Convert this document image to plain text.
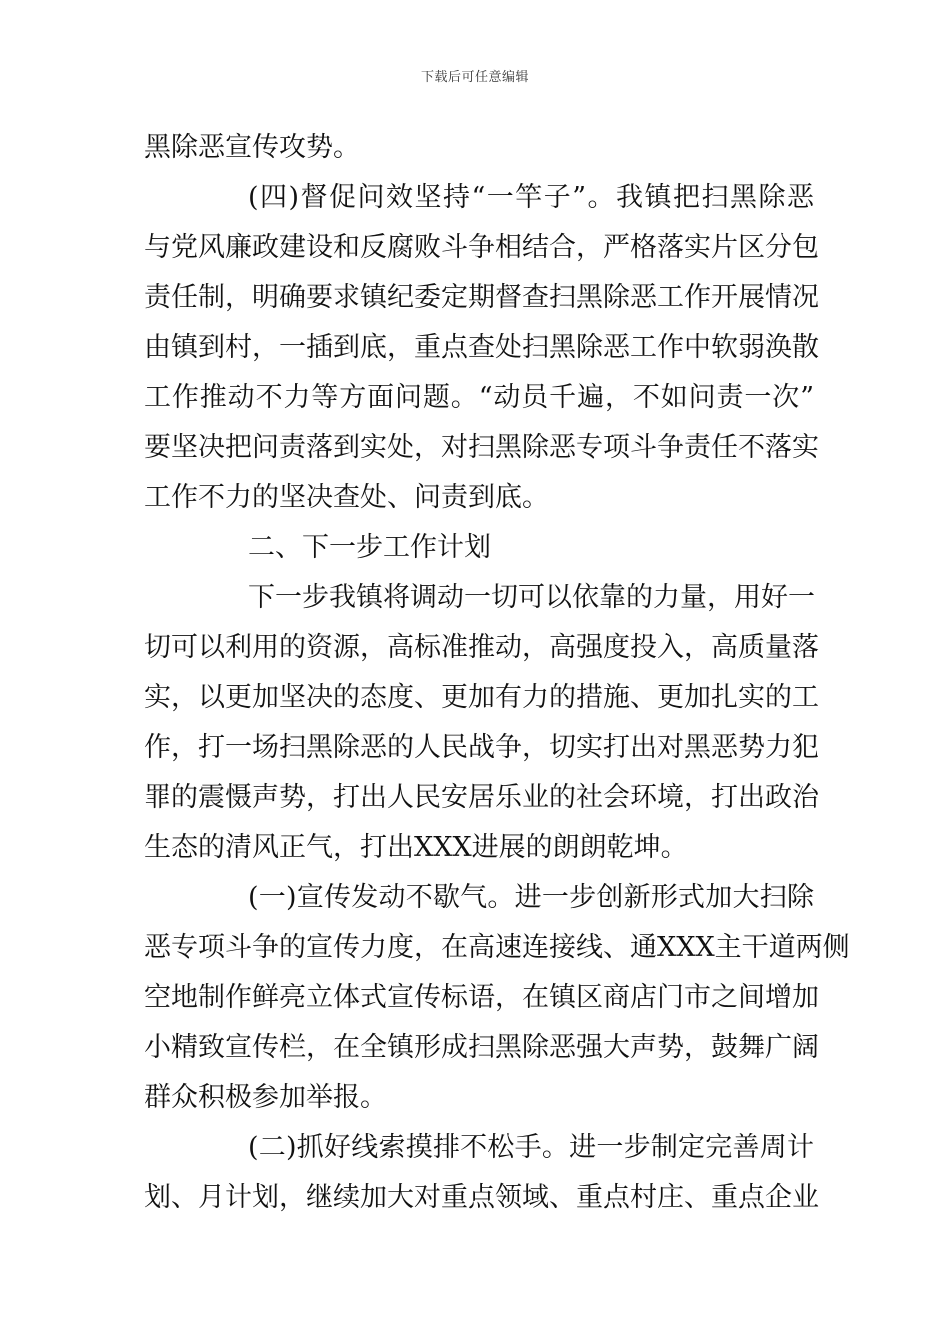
下载后可任意编辑
黑除恶宣传攻势。
(四)督促问效坚持“一竿子”。我镇把扫黑除恶
与党风廉政建设和反腐败斗争相结合，严格落实片区分包
责任制，明确要求镇纪委定期督查扫黑除恶工作开展情况
由镇到村，一插到底，重点查处扫黑除恶工作中软弱涣散
工作推动不力等方面问题。“动员千遍，不如问责一次”
要坚决把问责落到实处，对扫黑除恶专项斗争责任不落实
工作不力的坚决查处、问责到底。
二、下一步工作计划
下一步我镇将调动一切可以依靠的力量，用好一
切可以利用的资源，高标准推动，高强度投入，高质量落
实，以更加坚决的态度、更加有力的措施、更加扎实的工
作，打一场扫黑除恶的人民战争，切实打出对黑恶势力犯
罪的震慑声势，打出人民安居乐业的社会环境，打出政治
生态的清风正气，打出XXX进展的朗朗乾坤。
(一)宣传发动不歇气。进一步创新形式加大扫除
恶专项斗争的宣传力度，在高速连接线、通XXX主干道两侧
空地制作鲜亮立体式宣传标语，在镇区商店门市之间增加
小精致宣传栏，在全镇形成扫黑除恶强大声势，鼓舞广阔
群众积极参加举报。
(二)抓好线索摸排不松手。进一步制定完善周计
划、月计划，继续加大对重点领域、重点村庄、重点企业
